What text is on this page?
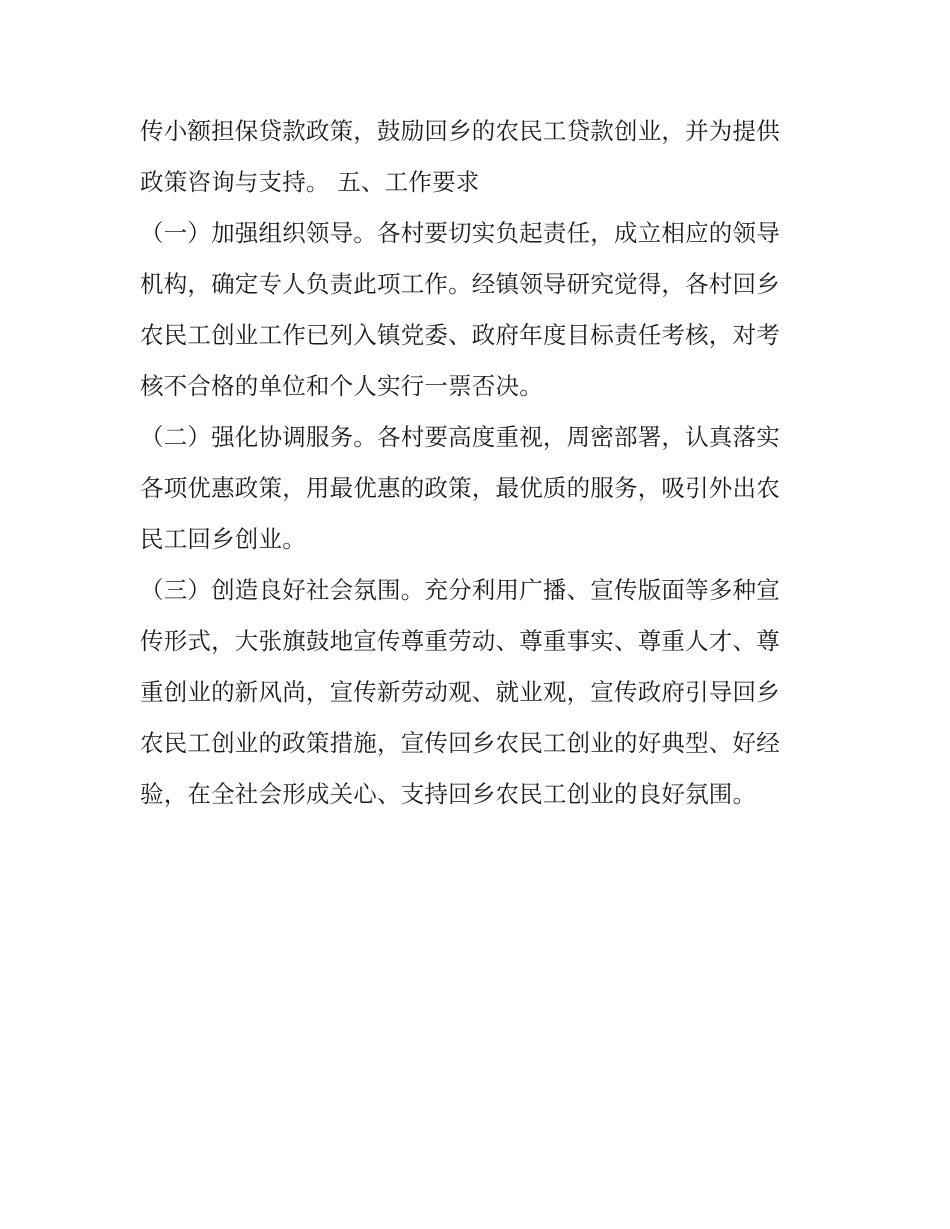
传小额担保贷款政策，鼓励回乡的农民工贷款创业，并为提供
政策咨询与支持。 五、工作要求
（一）加强组织领导。各村要切实负起责任，成立相应的领导
机构，确定专人负责此项工作。经镇领导研究觉得，各村回乡
农民工创业工作已列入镇党委、政府年度目标责任考核，对考
核不合格的单位和个人实行一票否决。
（二）强化协调服务。各村要高度重视，周密部署，认真落实
各项优惠政策，用最优惠的政策，最优质的服务，吸引外出农
民工回乡创业。
（三）创造良好社会氛围。充分利用广播、宣传版面等多种宣
传形式，大张旗鼓地宣传尊重劳动、尊重事实、尊重人才、尊
重创业的新风尚，宣传新劳动观、就业观，宣传政府引导回乡
农民工创业的政策措施，宣传回乡农民工创业的好典型、好经
验，在全社会形成关心、支持回乡农民工创业的良好氛围。
